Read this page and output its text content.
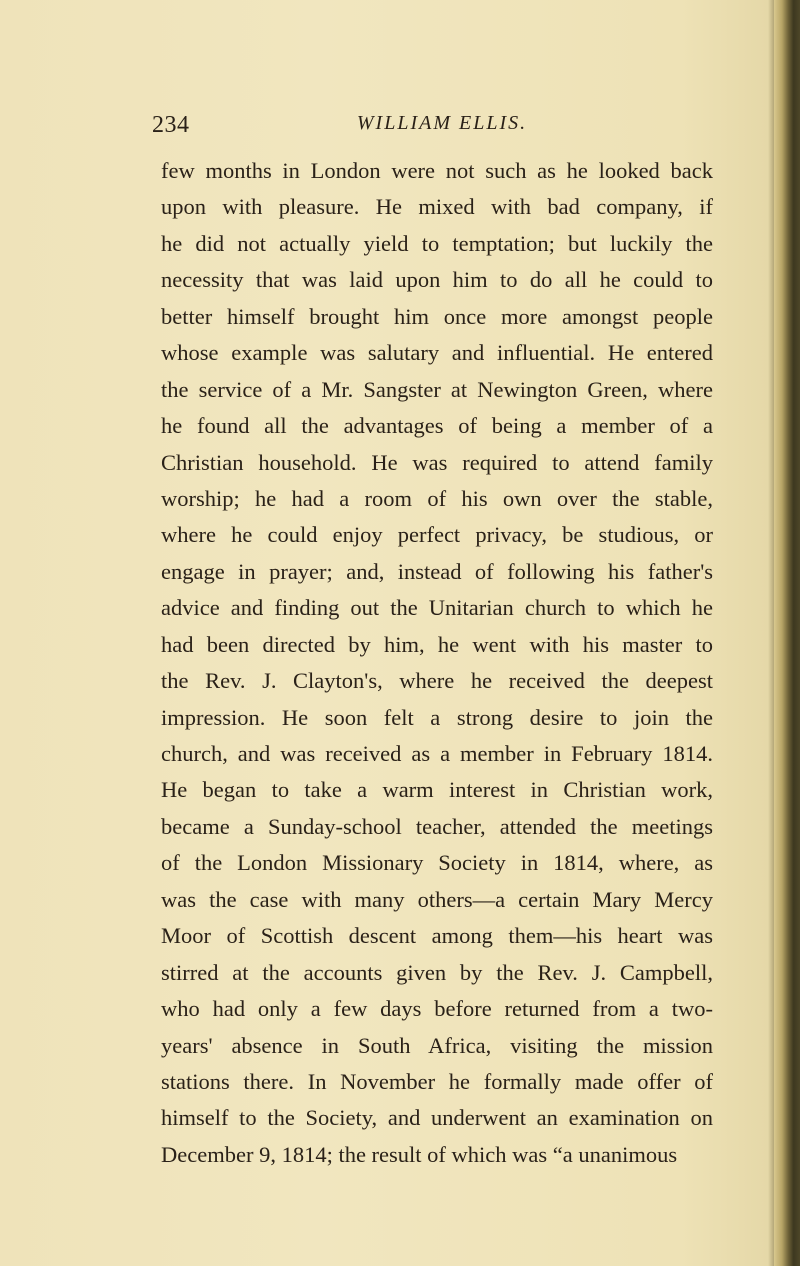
234	WILLIAM ELLIS.
few months in London were not such as he looked back
upon with pleasure. He mixed with bad company, if
he did not actually yield to temptation; but luckily the
necessity that was laid upon him to do all he could to
better himself brought him once more amongst people
whose example was salutary and influential. He entered
the service of a Mr. Sangster at Newington Green, where
he found all the advantages of being a member of a
Christian household. He was required to attend family
worship; he had a room of his own over the stable,
where he could enjoy perfect privacy, be studious, or
engage in prayer; and, instead of following his father's
advice and finding out the Unitarian church to which he
had been directed by him, he went with his master to
the Rev. J. Clayton's, where he received the deepest
impression. He soon felt a strong desire to join the
church, and was received as a member in February 1814.
He began to take a warm interest in Christian work,
became a Sunday-school teacher, attended the meetings
of the London Missionary Society in 1814, where, as
was the case with many others—a certain Mary Mercy
Moor of Scottish descent among them—his heart was
stirred at the accounts given by the Rev. J. Campbell,
who had only a few days before returned from a two-
years' absence in South Africa, visiting the mission
stations there. In November he formally made offer of
himself to the Society, and underwent an examination on
December 9, 1814; the result of which was “a unanimous
